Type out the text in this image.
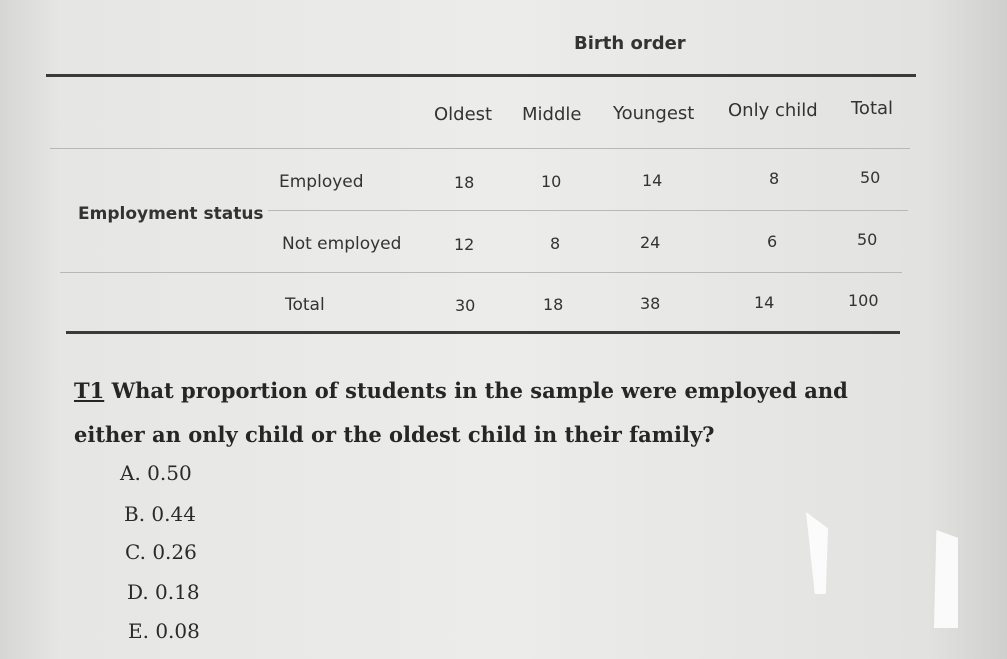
Birth order
Oldest Middle Youngest Only child Total
Employment status
Employed	18	10	14	8	50
Not employed	12	8	24	6	50
Total	30	18	38	14	100
T1 What proportion of students in the sample were employed and
either an only child or the oldest child in their family?
A. 0.50
B. 0.44
C. 0.26
D. 0.18
E. 0.08
